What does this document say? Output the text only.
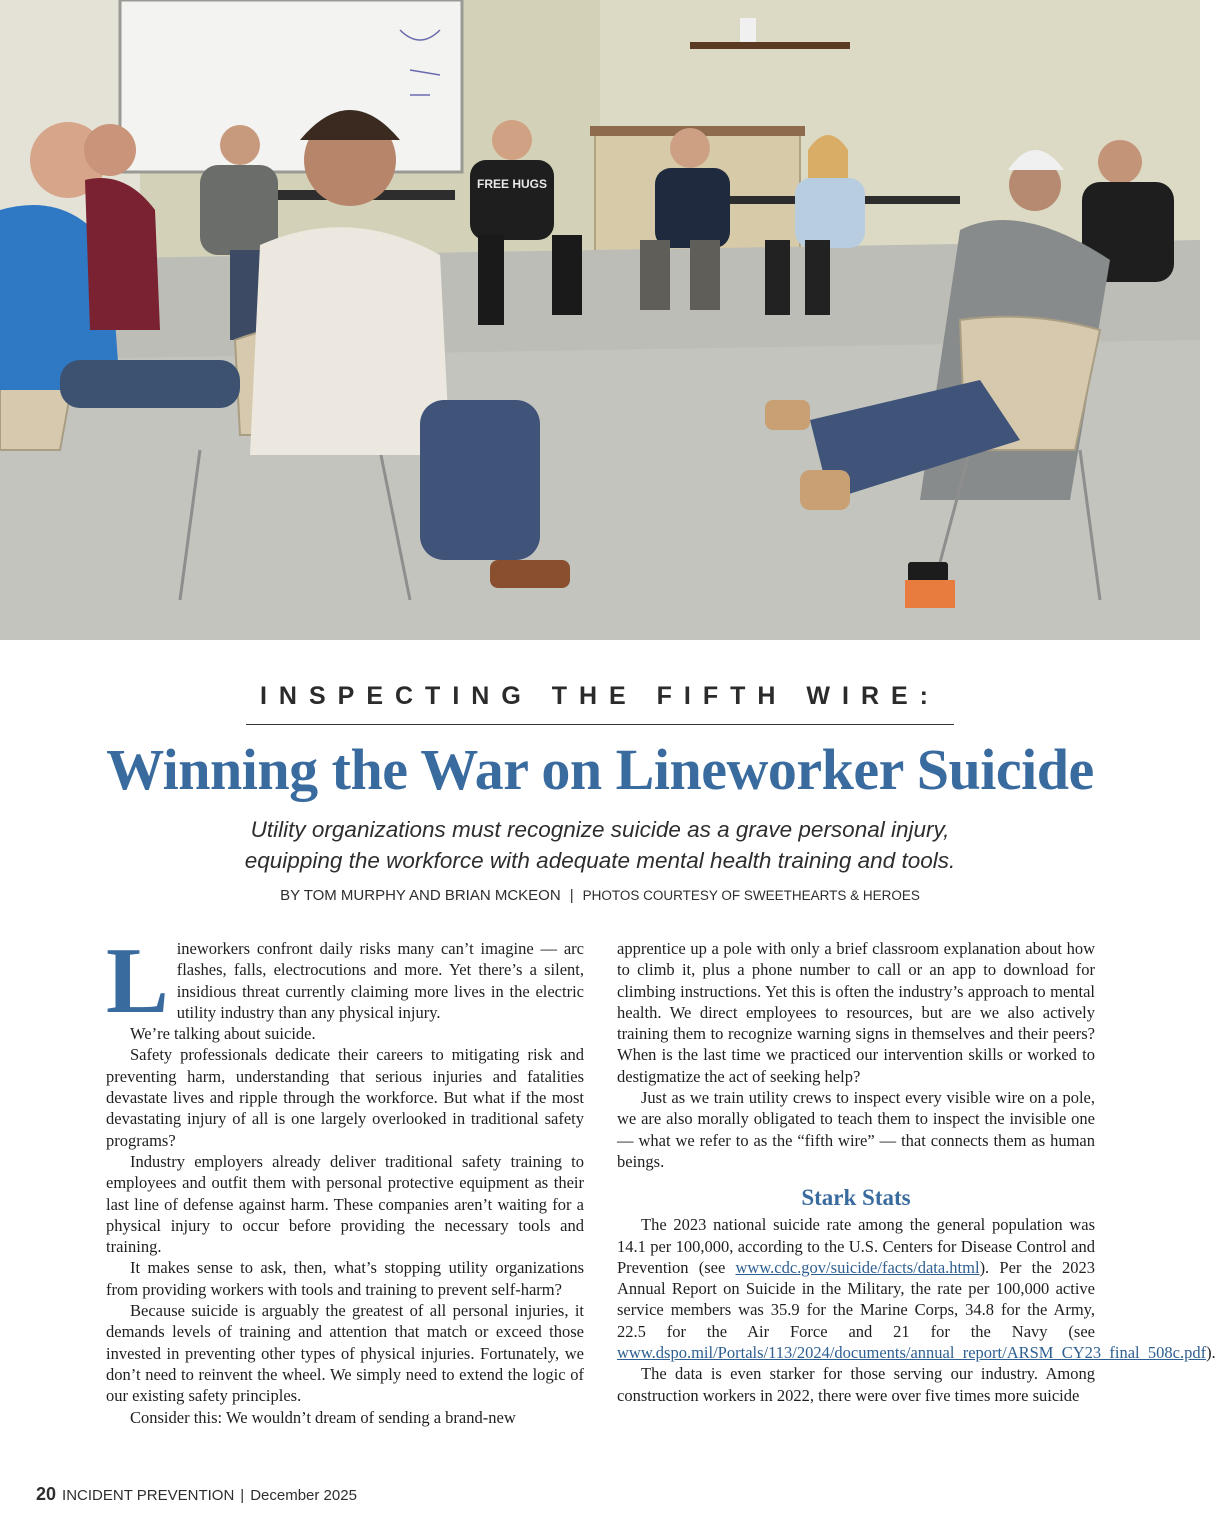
FREE HUGS
INSPECTING THE FIFTH WIRE:
Winning the War on Lineworker Suicide
Utility organizations must recognize suicide as a grave personal injury,
equipping the workforce with adequate mental health training and tools.
BY TOM MURPHY AND BRIAN MCKEON | PHOTOS COURTESY OF SWEETHEARTS & HEROES

Lineworkers confront daily risks many can’t imagine — arc flashes, falls, electrocutions and more. Yet there’s a silent, insidious threat currently claiming more lives in the electric utility industry than any physical injury.

We’re talking about suicide.

Safety professionals dedicate their careers to mitigating risk and preventing harm, understanding that serious injuries and fatalities devastate lives and ripple through the workforce. But what if the most devastating injury of all is one largely overlooked in traditional safety programs?

Industry employers already deliver traditional safety training to employees and outfit them with personal protective equipment as their last line of defense against harm. These companies aren’t waiting for a physical injury to occur before providing the necessary tools and training.

It makes sense to ask, then, what’s stopping utility organizations from providing workers with tools and training to prevent self-harm?

Because suicide is arguably the greatest of all personal injuries, it demands levels of training and attention that match or exceed those invested in preventing other types of physical injuries. Fortunately, we don’t need to reinvent the wheel. We simply need to extend the logic of our existing safety principles.

Consider this: We wouldn’t dream of sending a brand-new

apprentice up a pole with only a brief classroom explanation about how to climb it, plus a phone number to call or an app to download for climbing instructions. Yet this is often the industry’s approach to mental health. We direct employees to resources, but are we also actively training them to recognize warning signs in themselves and their peers? When is the last time we practiced our intervention skills or worked to destigmatize the act of seeking help?

Just as we train utility crews to inspect every visible wire on a pole, we are also morally obligated to teach them to inspect the invisible one — what we refer to as the “fifth wire” — that connects them as human beings.

Stark Stats

The 2023 national suicide rate among the general population was 14.1 per 100,000, according to the U.S. Centers for Disease Control and Prevention (see www.cdc.gov/suicide/facts/data.html). Per the 2023 Annual Report on Suicide in the Military, the rate per 100,000 active service members was 35.9 for the Marine Corps, 34.8 for the Army, 22.5 for the Air Force and 21 for the Navy (see www.dspo.mil/Portals/113/2024/documents/annual_report/ARSM_CY23_final_508c.pdf).

The data is even starker for those serving our industry. Among construction workers in 2022, there were over five times more suicide

20 INCIDENT PREVENTION | December 2025
